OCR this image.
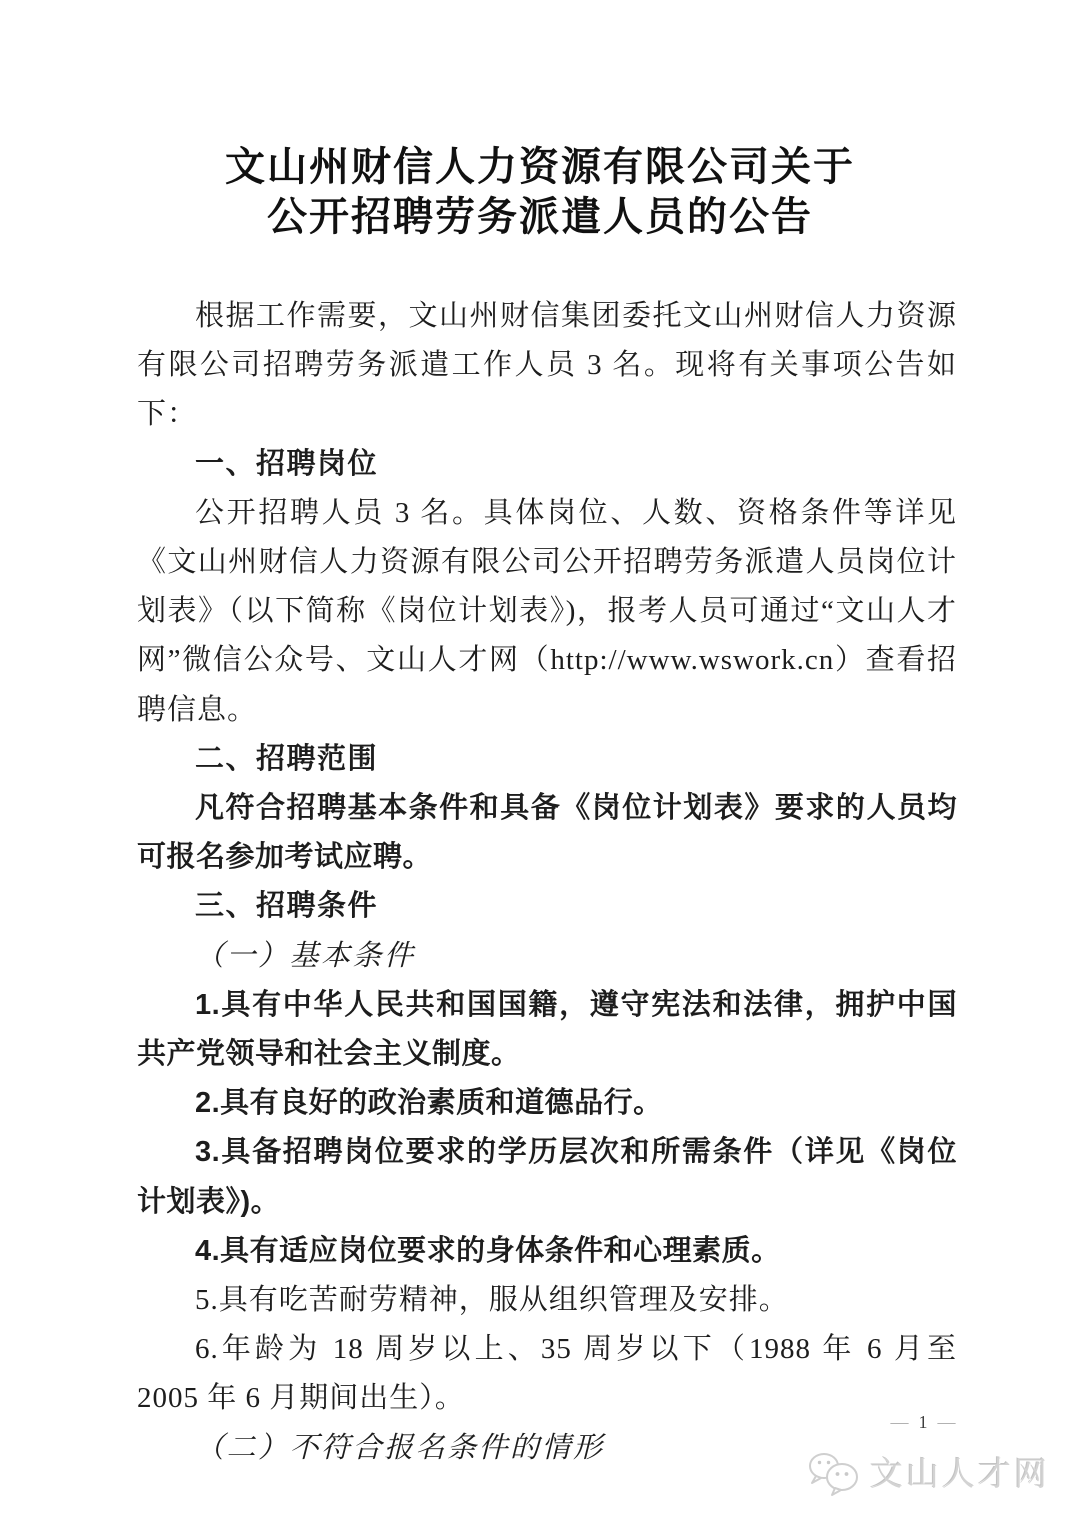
文山州财信人力资源有限公司关于
公开招聘劳务派遣人员的公告

根据工作需要，文山州财信集团委托文山州财信人力资源有限公司招聘劳务派遣工作人员 3 名。现将有关事项公告如下：

一、招聘岗位

公开招聘人员 3 名。具体岗位、人数、资格条件等详见《文山州财信人力资源有限公司公开招聘劳务派遣人员岗位计划表》（以下简称《岗位计划表》)，报考人员可通过“文山人才网”微信公众号、文山人才网（http://www.wswork.cn）查看招聘信息。

二、招聘范围

凡符合招聘基本条件和具备《岗位计划表》要求的人员均可报名参加考试应聘。

三、招聘条件

（一）基本条件

1.具有中华人民共和国国籍，遵守宪法和法律，拥护中国共产党领导和社会主义制度。

2.具有良好的政治素质和道德品行。

3.具备招聘岗位要求的学历层次和所需条件（详见《岗位计划表》)。

4.具有适应岗位要求的身体条件和心理素质。

5.具有吃苦耐劳精神，服从组织管理及安排。

6.年龄为 18 周岁以上、35 周岁以下（1988 年 6 月至 2005 年 6 月期间出生）。

（二）不符合报名条件的情形

— 1 —
文山人才网
